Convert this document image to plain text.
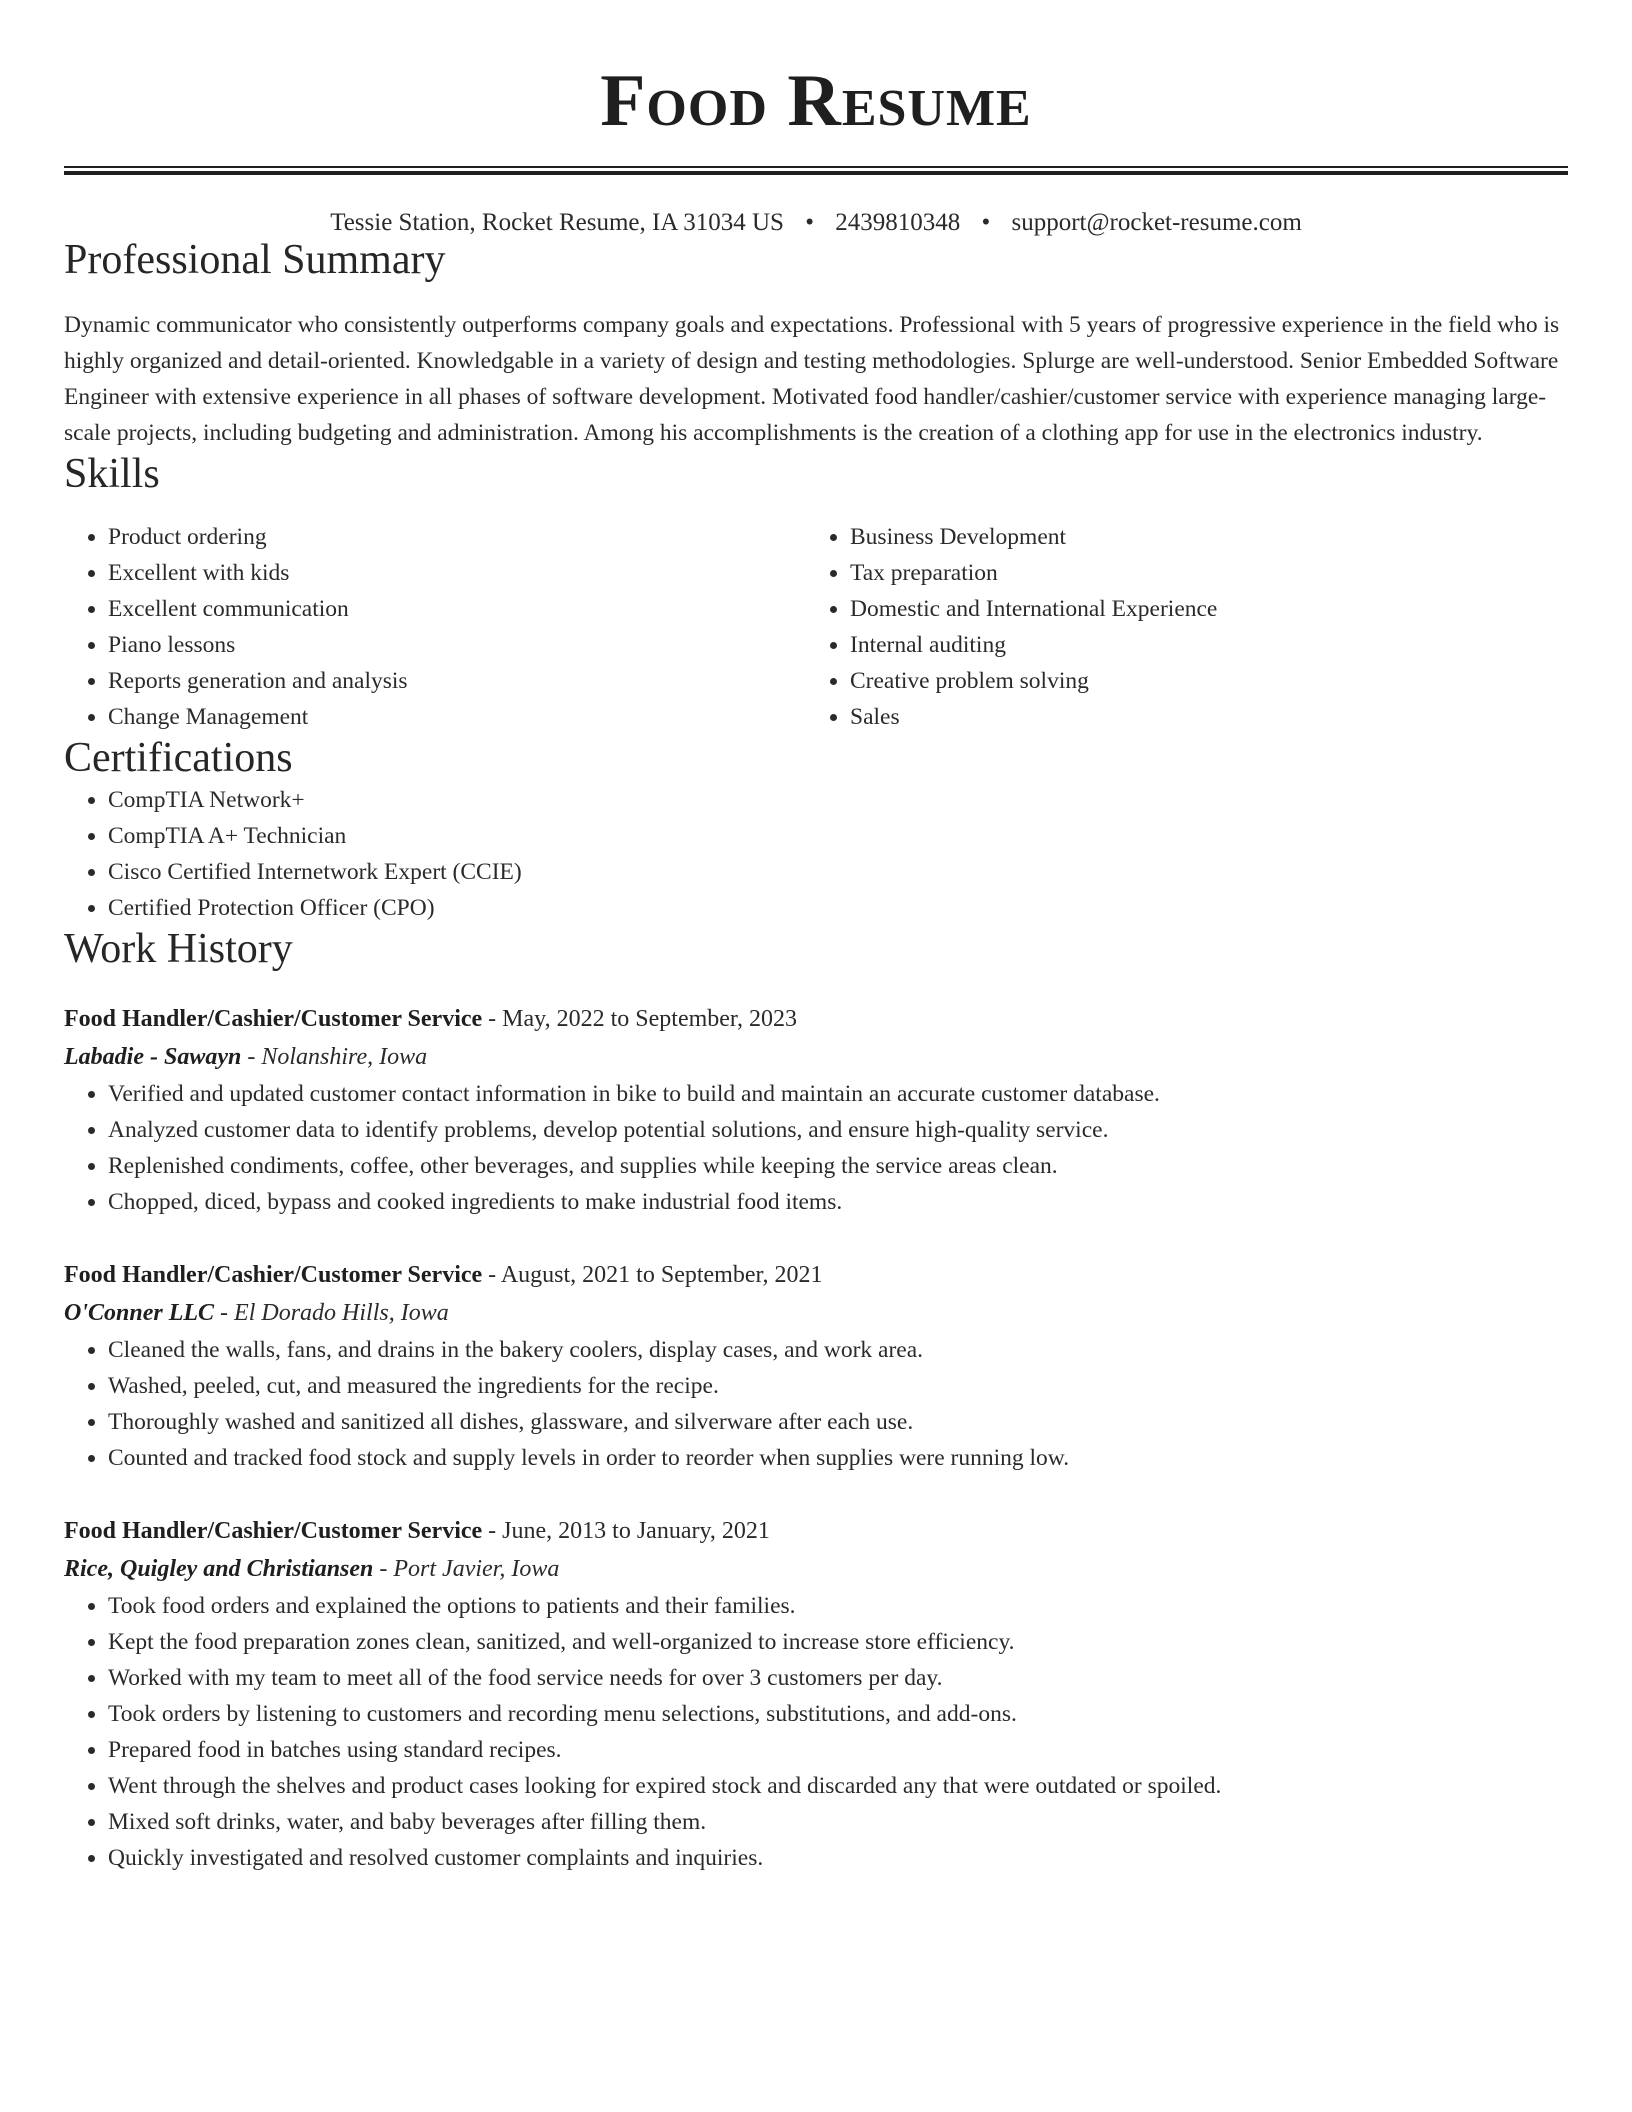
Food Resume
Tessie Station, Rocket Resume, IA 31034 US • 2439810348 • support@rocket-resume.com
Professional Summary
Dynamic communicator who consistently outperforms company goals and expectations. Professional with 5 years of progressive experience in the field who is highly organized and detail-oriented. Knowledgable in a variety of design and testing methodologies. Splurge are well-understood. Senior Embedded Software Engineer with extensive experience in all phases of software development. Motivated food handler/cashier/customer service with experience managing large-scale projects, including budgeting and administration. Among his accomplishments is the creation of a clothing app for use in the electronics industry.
Skills
• Product ordering
• Excellent with kids
• Excellent communication
• Piano lessons
• Reports generation and analysis
• Change Management
• Business Development
• Tax preparation
• Domestic and International Experience
• Internal auditing
• Creative problem solving
• Sales
Certifications
• CompTIA Network+
• CompTIA A+ Technician
• Cisco Certified Internetwork Expert (CCIE)
• Certified Protection Officer (CPO)
Work History
Food Handler/Cashier/Customer Service - May, 2022 to September, 2023
Labadie - Sawayn - Nolanshire, Iowa
• Verified and updated customer contact information in bike to build and maintain an accurate customer database.
• Analyzed customer data to identify problems, develop potential solutions, and ensure high-quality service.
• Replenished condiments, coffee, other beverages, and supplies while keeping the service areas clean.
• Chopped, diced, bypass and cooked ingredients to make industrial food items.
Food Handler/Cashier/Customer Service - August, 2021 to September, 2021
O'Conner LLC - El Dorado Hills, Iowa
• Cleaned the walls, fans, and drains in the bakery coolers, display cases, and work area.
• Washed, peeled, cut, and measured the ingredients for the recipe.
• Thoroughly washed and sanitized all dishes, glassware, and silverware after each use.
• Counted and tracked food stock and supply levels in order to reorder when supplies were running low.
Food Handler/Cashier/Customer Service - June, 2013 to January, 2021
Rice, Quigley and Christiansen - Port Javier, Iowa
• Took food orders and explained the options to patients and their families.
• Kept the food preparation zones clean, sanitized, and well-organized to increase store efficiency.
• Worked with my team to meet all of the food service needs for over 3 customers per day.
• Took orders by listening to customers and recording menu selections, substitutions, and add-ons.
• Prepared food in batches using standard recipes.
• Went through the shelves and product cases looking for expired stock and discarded any that were outdated or spoiled.
• Mixed soft drinks, water, and baby beverages after filling them.
• Quickly investigated and resolved customer complaints and inquiries.
